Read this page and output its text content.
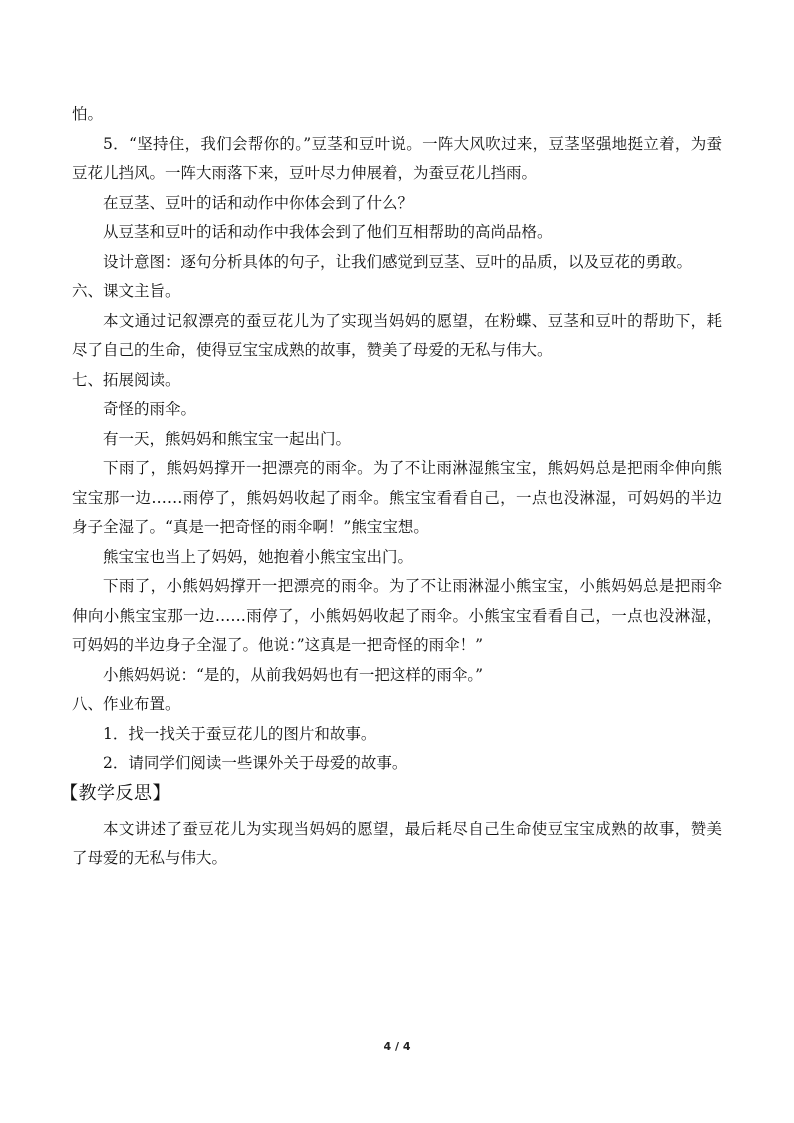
怕。

5．“坚持住，我们会帮你的。”豆茎和豆叶说。一阵大风吹过来，豆茎坚强地挺立着，为蚕豆花儿挡风。一阵大雨落下来，豆叶尽力伸展着，为蚕豆花儿挡雨。

在豆茎、豆叶的话和动作中你体会到了什么？

从豆茎和豆叶的话和动作中我体会到了他们互相帮助的高尚品格。

设计意图：逐句分析具体的句子，让我们感觉到豆茎、豆叶的品质，以及豆花的勇敢。

六、课文主旨。

本文通过记叙漂亮的蚕豆花儿为了实现当妈妈的愿望，在粉蝶、豆茎和豆叶的帮助下，耗尽了自己的生命，使得豆宝宝成熟的故事，赞美了母爱的无私与伟大。

七、拓展阅读。

奇怪的雨伞。

有一天，熊妈妈和熊宝宝一起出门。

下雨了，熊妈妈撑开一把漂亮的雨伞。为了不让雨淋湿熊宝宝，熊妈妈总是把雨伞伸向熊宝宝那一边……雨停了，熊妈妈收起了雨伞。熊宝宝看看自己，一点也没淋湿，可妈妈的半边身子全湿了。“真是一把奇怪的雨伞啊！”熊宝宝想。

熊宝宝也当上了妈妈，她抱着小熊宝宝出门。

下雨了，小熊妈妈撑开一把漂亮的雨伞。为了不让雨淋湿小熊宝宝，小熊妈妈总是把雨伞伸向小熊宝宝那一边……雨停了，小熊妈妈收起了雨伞。小熊宝宝看看自己，一点也没淋湿，可妈妈的半边身子全湿了。他说：”这真是一把奇怪的雨伞！”

小熊妈妈说：“是的，从前我妈妈也有一把这样的雨伞。”

八、作业布置。

1．找一找关于蚕豆花儿的图片和故事。

2．请同学们阅读一些课外关于母爱的故事。

【教学反思】

本文讲述了蚕豆花儿为实现当妈妈的愿望，最后耗尽自己生命使豆宝宝成熟的故事，赞美了母爱的无私与伟大。

4 / 4
